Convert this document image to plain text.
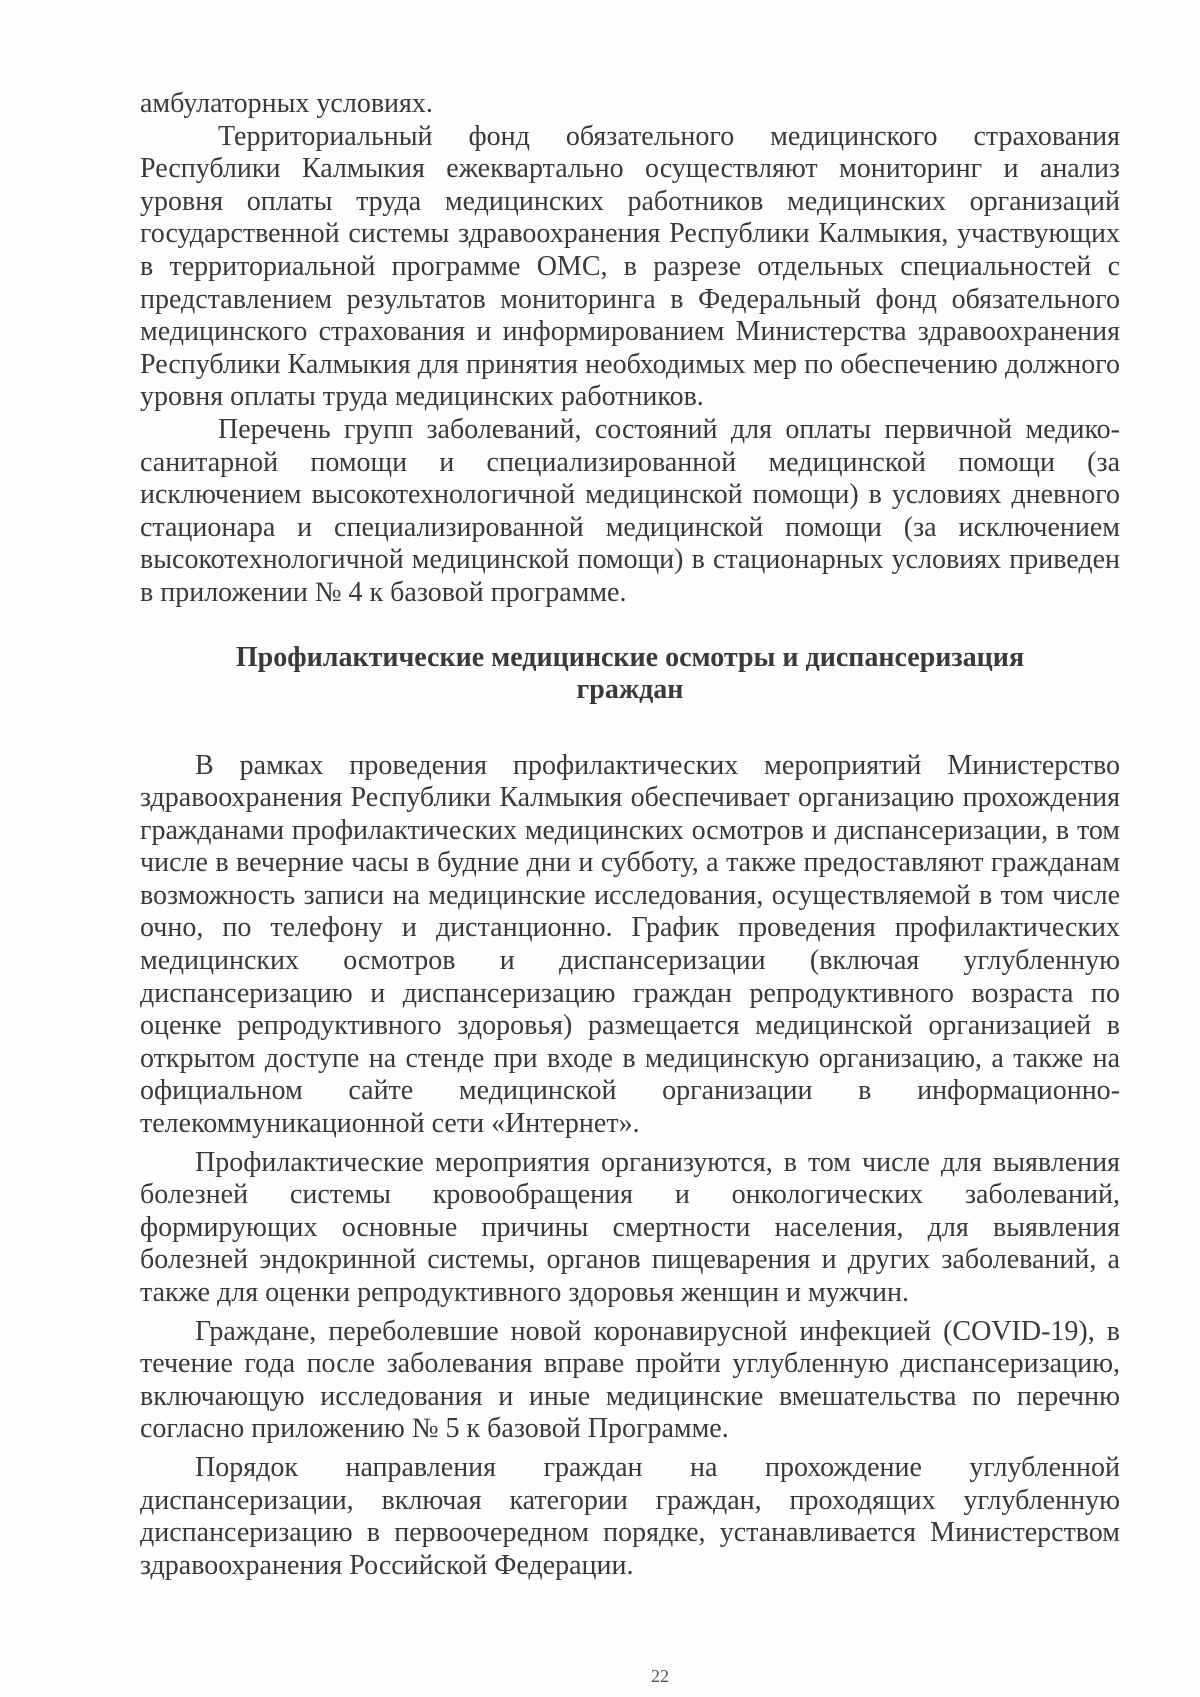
амбулаторных условиях.

Территориальный фонд обязательного медицинского страхования Республики Калмыкия ежеквартально осуществляют мониторинг и анализ уровня оплаты труда медицинских работников медицинских организаций государственной системы здравоохранения Республики Калмыкия, участвующих в территориальной программе ОМС, в разрезе отдельных специальностей с представлением результатов мониторинга в Федеральный фонд обязательного медицинского страхования и информированием Министерства здравоохранения Республики Калмыкия для принятия необходимых мер по обеспечению должного уровня оплаты труда медицинских работников.

Перечень групп заболеваний, состояний для оплаты первичной медико-санитарной помощи и специализированной медицинской помощи (за исключением высокотехнологичной медицинской помощи) в условиях дневного стационара и специализированной медицинской помощи (за исключением высокотехнологичной медицинской помощи) в стационарных условиях приведен в приложении № 4 к базовой программе.

Профилактические медицинские осмотры и диспансеризация
граждан

В рамках проведения профилактических мероприятий Министерство здравоохранения Республики Калмыкия обеспечивает организацию прохождения гражданами профилактических медицинских осмотров и диспансеризации, в том числе в вечерние часы в будние дни и субботу, а также предоставляют гражданам возможность записи на медицинские исследования, осуществляемой в том числе очно, по телефону и дистанционно. График проведения профилактических медицинских осмотров и диспансеризации (включая углубленную диспансеризацию и диспансеризацию граждан репродуктивного возраста по оценке репродуктивного здоровья) размещается медицинской организацией в открытом доступе на стенде при входе в медицинскую организацию, а также на официальном сайте медицинской организации в информационно-телекоммуникационной сети «Интернет».

Профилактические мероприятия организуются, в том числе для выявления болезней системы кровообращения и онкологических заболеваний, формирующих основные причины смертности населения, для выявления болезней эндокринной системы, органов пищеварения и других заболеваний, а также для оценки репродуктивного здоровья женщин и мужчин.

Граждане, переболевшие новой коронавирусной инфекцией (COVID-19), в течение года после заболевания вправе пройти углубленную диспансеризацию, включающую исследования и иные медицинские вмешательства по перечню согласно приложению № 5 к базовой Программе.

Порядок направления граждан на прохождение углубленной диспансеризации, включая категории граждан, проходящих углубленную диспансеризацию в первоочередном порядке, устанавливается Министерством здравоохранения Российской Федерации.

22
